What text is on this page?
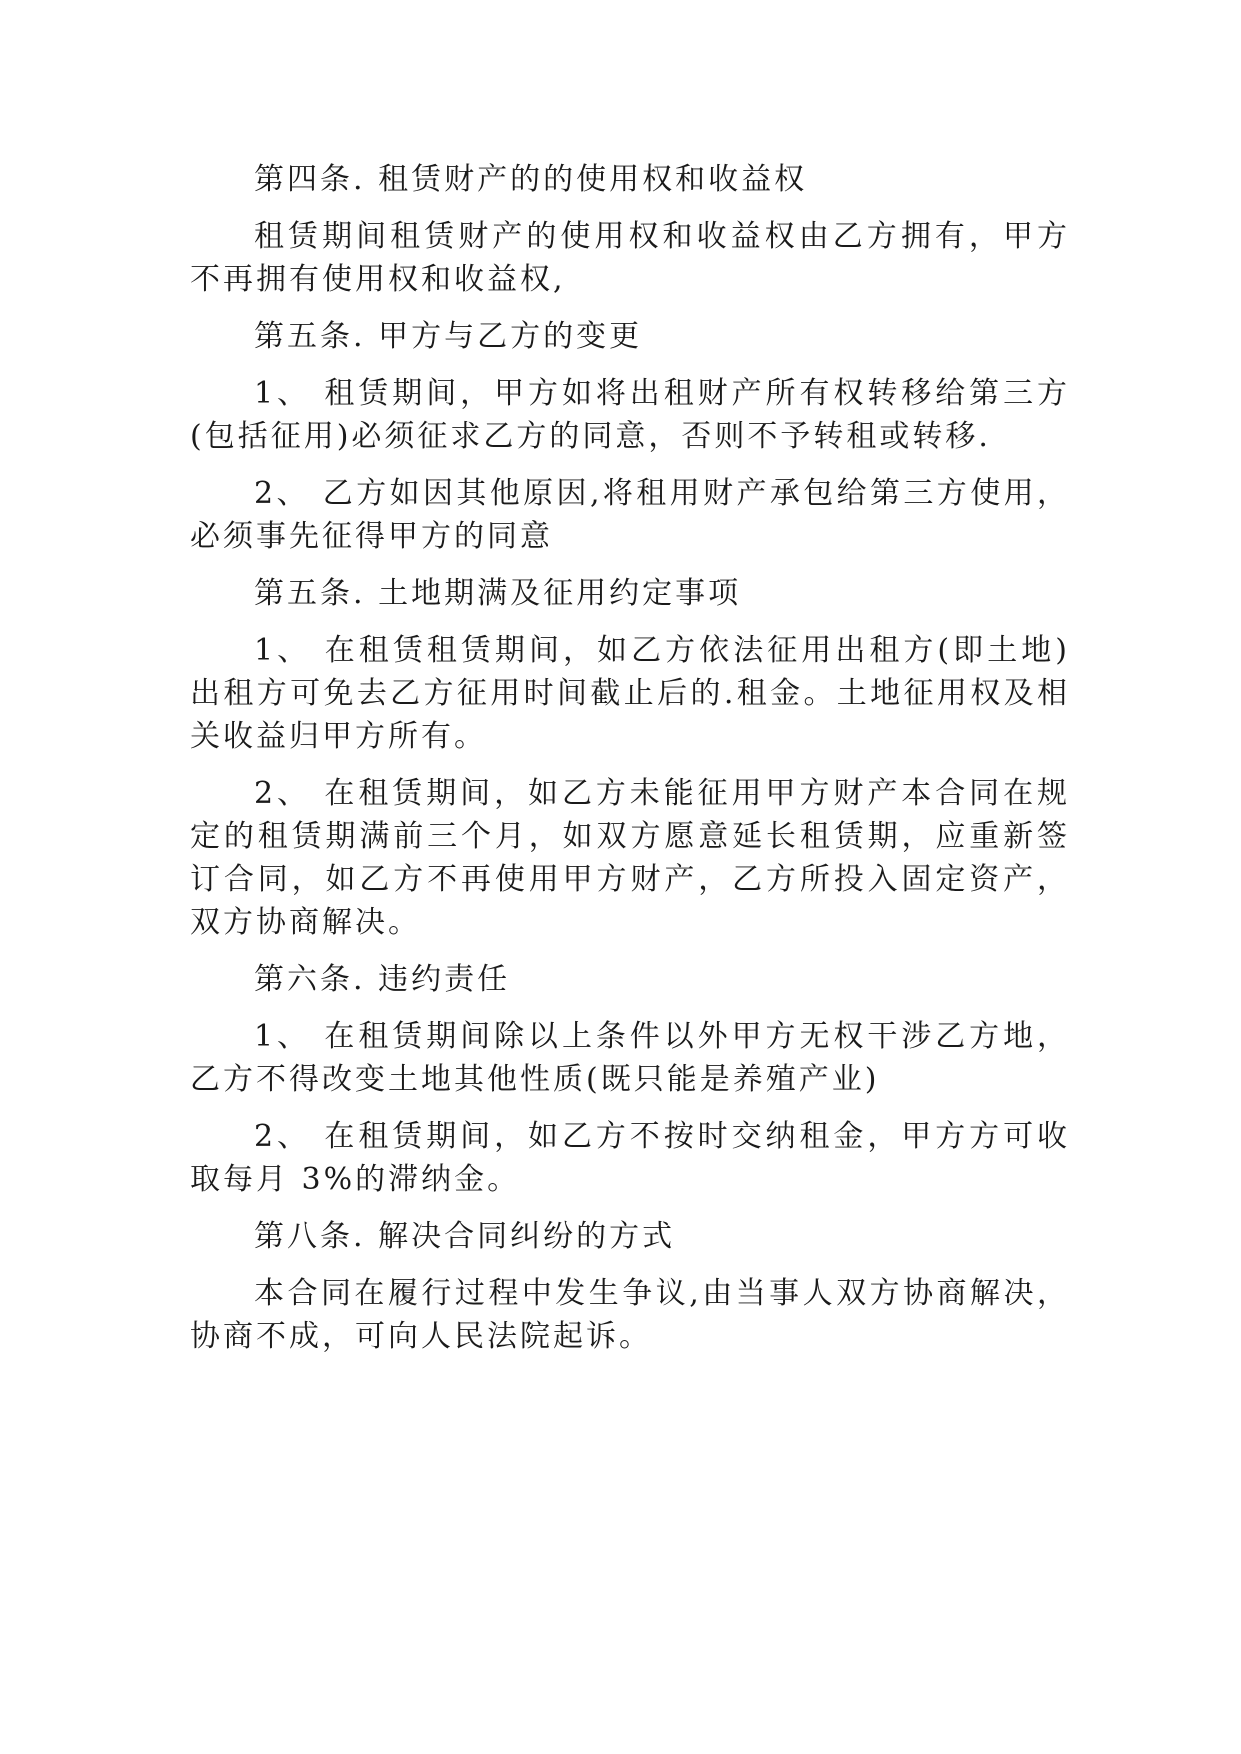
第四条. 租赁财产的的使用权和收益权

租赁期间租赁财产的使用权和收益权由乙方拥有，甲方不再拥有使用权和收益权,

第五条. 甲方与乙方的变更

1、 租赁期间，甲方如将出租财产所有权转移给第三方(包括征用)必须征求乙方的同意，否则不予转租或转移.

2、 乙方如因其他原因,将租用财产承包给第三方使用，必须事先征得甲方的同意

第五条. 土地期满及征用约定事项

1、 在租赁租赁期间，如乙方依法征用出租方(即土地)出租方可免去乙方征用时间截止后的.租金。土地征用权及相关收益归甲方所有。

2、 在租赁期间，如乙方未能征用甲方财产本合同在规定的租赁期满前三个月，如双方愿意延长租赁期，应重新签订合同，如乙方不再使用甲方财产，乙方所投入固定资产，双方协商解决。

第六条. 违约责任

1、 在租赁期间除以上条件以外甲方无权干涉乙方地，乙方不得改变土地其他性质(既只能是养殖产业)

2、 在租赁期间，如乙方不按时交纳租金，甲方方可收取每月 3%的滞纳金。

第八条. 解决合同纠纷的方式

本合同在履行过程中发生争议,由当事人双方协商解决，协商不成，可向人民法院起诉。
